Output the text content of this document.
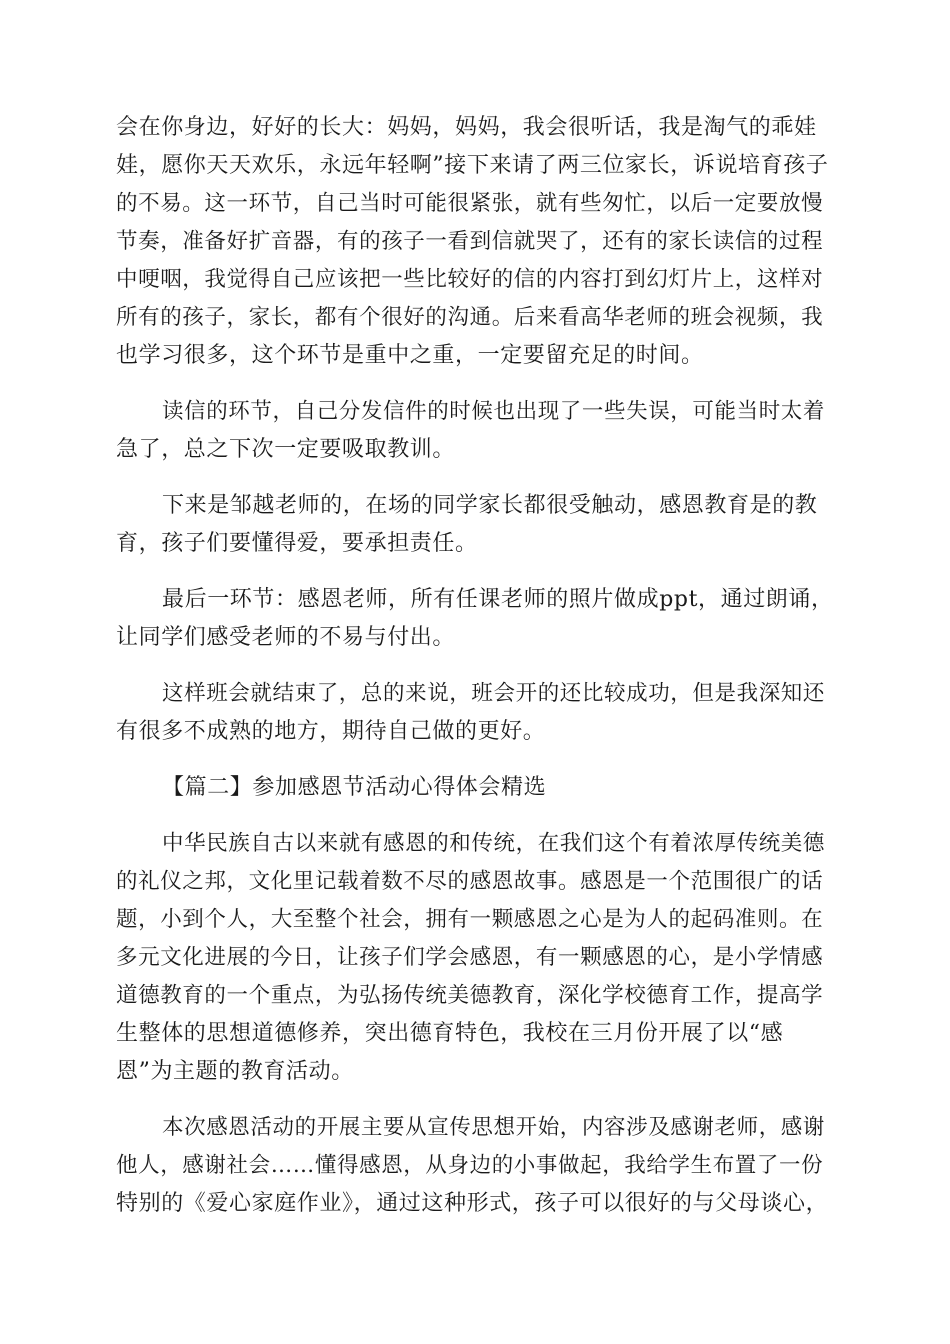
会在你身边，好好的长大：妈妈，妈妈，我会很听话，我是淘气的乖娃
娃，愿你天天欢乐，永远年轻啊”接下来请了两三位家长，诉说培育孩子
的不易。这一环节，自己当时可能很紧张，就有些匆忙，以后一定要放慢
节奏，准备好扩音器，有的孩子一看到信就哭了，还有的家长读信的过程
中哽咽，我觉得自己应该把一些比较好的信的内容打到幻灯片上，这样对
所有的孩子，家长，都有个很好的沟通。后来看高华老师的班会视频，我
也学习很多，这个环节是重中之重，一定要留充足的时间。
读信的环节，自己分发信件的时候也出现了一些失误，可能当时太着
急了，总之下次一定要吸取教训。
下来是邹越老师的，在场的同学家长都很受触动，感恩教育是的教
育，孩子们要懂得爱，要承担责任。
最后一环节：感恩老师，所有任课老师的照片做成ppt，通过朗诵，
让同学们感受老师的不易与付出。
这样班会就结束了，总的来说，班会开的还比较成功，但是我深知还
有很多不成熟的地方，期待自己做的更好。
【篇二】参加感恩节活动心得体会精选
中华民族自古以来就有感恩的和传统，在我们这个有着浓厚传统美德
的礼仪之邦，文化里记载着数不尽的感恩故事。感恩是一个范围很广的话
题，小到个人，大至整个社会，拥有一颗感恩之心是为人的起码准则。在
多元文化进展的今日，让孩子们学会感恩，有一颗感恩的心，是小学情感
道德教育的一个重点，为弘扬传统美德教育，深化学校德育工作，提高学
生整体的思想道德修养，突出德育特色，我校在三月份开展了以“感
恩”为主题的教育活动。
本次感恩活动的开展主要从宣传思想开始，内容涉及感谢老师，感谢
他人，感谢社会……懂得感恩，从身边的小事做起，我给学生布置了一份
特别的《爱心家庭作业》，通过这种形式，孩子可以很好的与父母谈心，
